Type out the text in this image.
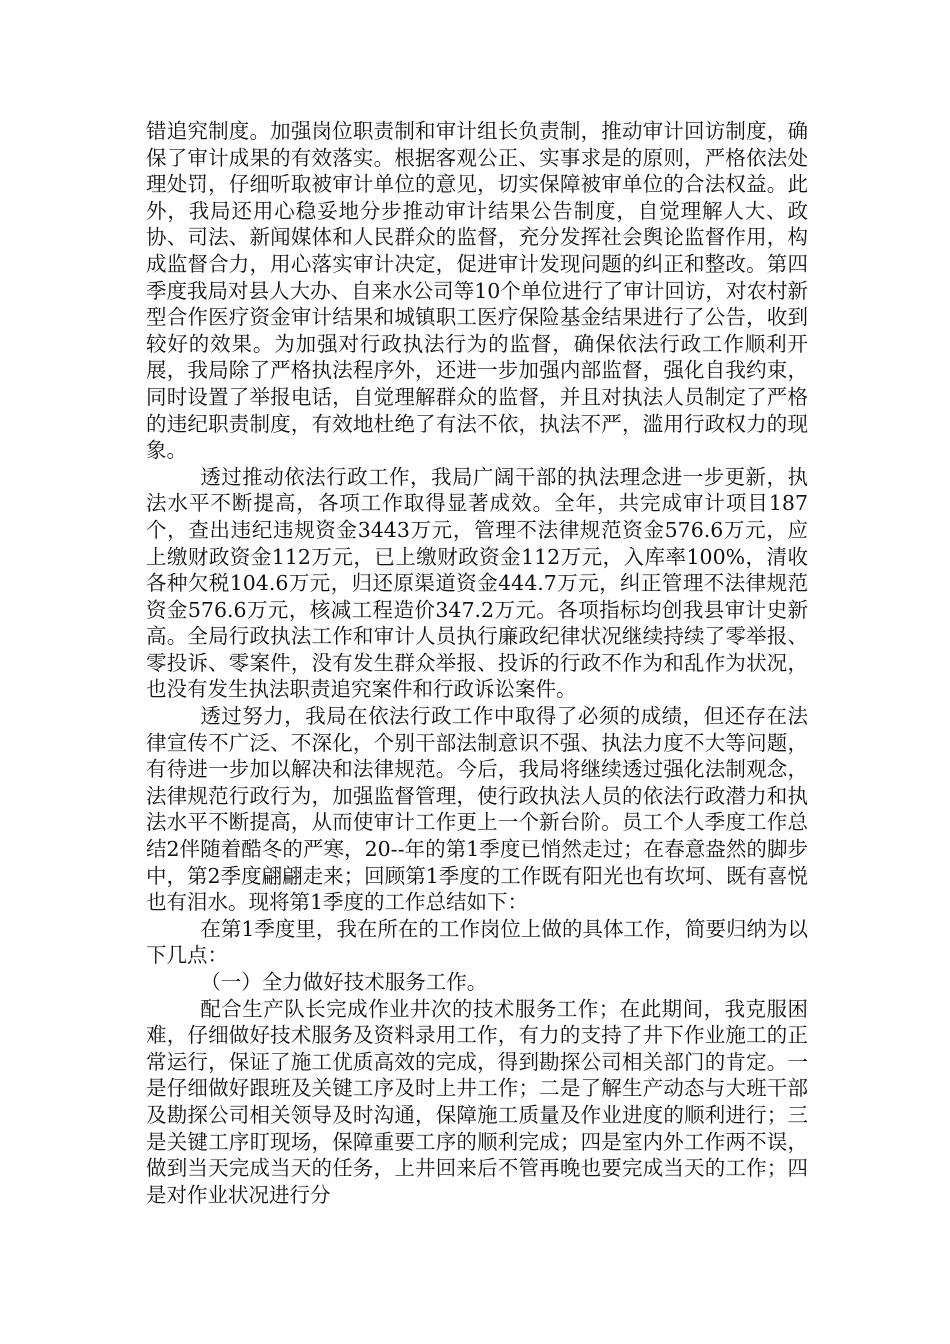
错追究制度。加强岗位职责制和审计组长负责制，推动审计回访制度，确保了审计成果的有效落实。根据客观公正、实事求是的原则，严格依法处理处罚，仔细听取被审计单位的意见，切实保障被审单位的合法权益。此外，我局还用心稳妥地分步推动审计结果公告制度，自觉理解人大、政协、司法、新闻媒体和人民群众的监督，充分发挥社会舆论监督作用，构成监督合力，用心落实审计决定，促进审计发现问题的纠正和整改。第四季度我局对县人大办、自来水公司等10个单位进行了审计回访，对农村新型合作医疗资金审计结果和城镇职工医疗保险基金结果进行了公告，收到较好的效果。为加强对行政执法行为的监督，确保依法行政工作顺利开展，我局除了严格执法程序外，还进一步加强内部监督，强化自我约束，同时设置了举报电话，自觉理解群众的监督，并且对执法人员制定了严格的违纪职责制度，有效地杜绝了有法不依，执法不严，滥用行政权力的现象。

透过推动依法行政工作，我局广阔干部的执法理念进一步更新，执法水平不断提高，各项工作取得显著成效。全年，共完成审计项目187个，查出违纪违规资金3443万元，管理不法律规范资金576.6万元，应上缴财政资金112万元，已上缴财政资金112万元，入库率100%，清收各种欠税104.6万元，归还原渠道资金444.7万元，纠正管理不法律规范资金576.6万元，核减工程造价347.2万元。各项指标均创我县审计史新高。全局行政执法工作和审计人员执行廉政纪律状况继续持续了零举报、零投诉、零案件，没有发生群众举报、投诉的行政不作为和乱作为状况，也没有发生执法职责追究案件和行政诉讼案件。

透过努力，我局在依法行政工作中取得了必须的成绩，但还存在法律宣传不广泛、不深化，个别干部法制意识不强、执法力度不大等问题，有待进一步加以解决和法律规范。今后，我局将继续透过强化法制观念，法律规范行政行为，加强监督管理，使行政执法人员的依法行政潜力和执法水平不断提高，从而使审计工作更上一个新台阶。员工个人季度工作总结2伴随着酷冬的严寒，20--年的第1季度已悄然走过；在春意盎然的脚步中，第2季度翩翩走来；回顾第1季度的工作既有阳光也有坎坷、既有喜悦也有泪水。现将第1季度的工作总结如下：

在第1季度里，我在所在的工作岗位上做的具体工作，简要归纳为以下几点：

（一）全力做好技术服务工作。

配合生产队长完成作业井次的技术服务工作；在此期间，我克服困难，仔细做好技术服务及资料录用工作，有力的支持了井下作业施工的正常运行，保证了施工优质高效的完成，得到勘探公司相关部门的肯定。一是仔细做好跟班及关键工序及时上井工作；二是了解生产动态与大班干部及勘探公司相关领导及时沟通，保障施工质量及作业进度的顺利进行；三是关键工序盯现场，保障重要工序的顺利完成；四是室内外工作两不误，做到当天完成当天的任务，上井回来后不管再晚也要完成当天的工作；四是对作业状况进行分
